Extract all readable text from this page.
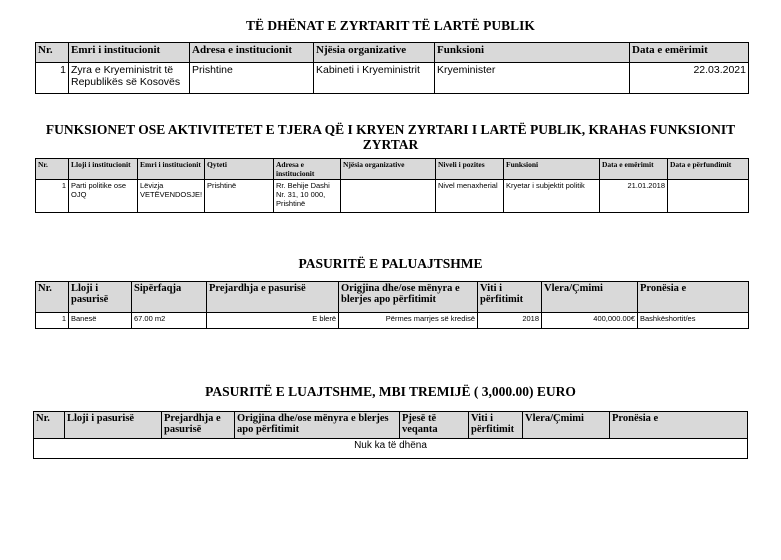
TË DHËNAT E ZYRTARIT TË LARTË PUBLIK
Nr.	Emri i institucionit	Adresa e institucionit	Njësia organizative	Funksioni	Data e emërimit
1	Zyra e Kryeministrit të Republikës së Kosovës	Prishtine	Kabineti i Kryeministrit	Kryeminister	22.03.2021
FUNKSIONET OSE AKTIVITETET E TJERA QË I KRYEN ZYRTARI I LARTË PUBLIK, KRAHAS FUNKSIONIT ZYRTAR
Nr.	Lloji i institucionit	Emri i institucionit	Qyteti	Adresa e institucionit	Njësia organizative	Niveli i pozites	Funksioni	Data e emërimit	Data e përfundimit
1	Parti politike ose OJQ	Lëvizja VETËVENDOSJE!	Prishtinë	Rr. Behije Dashi Nr. 31, 10 000, Prishtinë		Nivel menaxherial	Kryetar i subjektit politik	21.01.2018	
PASURITË E PALUAJTSHME
Nr.	Lloji i pasurisë	Sipërfaqja	Prejardhja e pasurisë	Origjina dhe/ose mënyra e blerjes apo përfitimit	Viti i përfitimit	Vlera/Çmimi	Pronësia e
1	Banesë	67.00 m2	E blerë	Përmes marrjes së kredisë	2018	400,000.00€	Bashkëshortit/es
PASURITË E LUAJTSHME, MBI TREMIJË ( 3,000.00) EURO
Nr.	Lloji i pasurisë	Prejardhja e pasurisë	Origjina dhe/ose mënyra e blerjes apo përfitimit	Pjesë të veqanta	Viti i përfitimit	Vlera/Çmimi	Pronësia e
Nuk ka të dhëna
